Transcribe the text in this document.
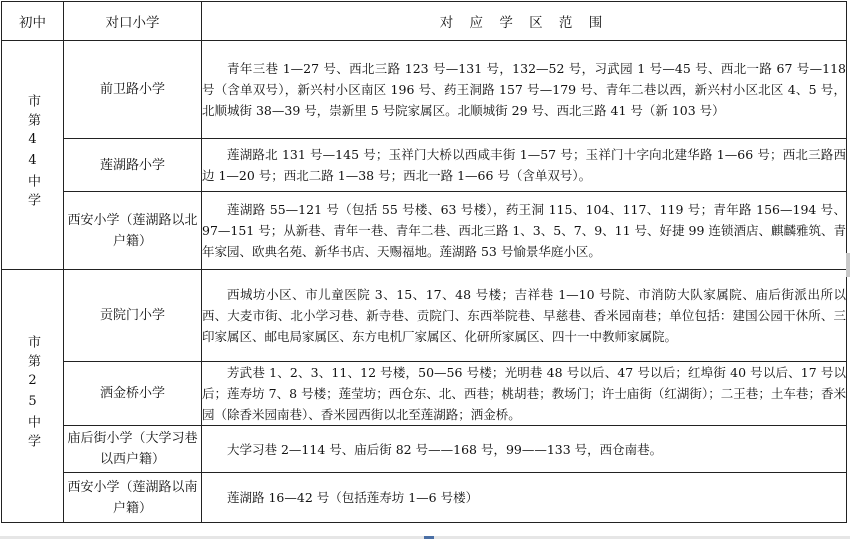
初中	对口小学	对 应 学 区 范 围
市第44中学	前卫路小学	青年三巷 1—27 号、西北三路 123 号—131 号，132—52 号，习武园 1 号—45 号、西北一路 67 号—118 号（含单双号），新兴村小区南区 196 号、药王洞路 157 号—179 号、青年二巷以西，新兴村小区北区 4、5 号，北顺城街 38—39 号，崇新里 5 号院家属区。北顺城街 29 号、西北三路 41 号（新 103 号）

	莲湖路小学	莲湖路北 131 号—145 号；玉祥门大桥以西咸丰街 1—57 号；玉祥门十字向北建华路 1—66 号；西北三路西边 1—20 号；西北二路 1—38 号；西北一路 1—66 号（含单双号）。

	西安小学（莲湖路以北户籍）	莲湖路 55—121 号（包括 55 号楼、63 号楼），药王洞 115、104、117、119 号；青年路 156—194 号、97—151 号；从新巷、青年一巷、青年二巷、西北三路 1、3、5、7、9、11 号、好捷 99 连锁酒店、麒麟雅筑、青年家园、欧典名苑、新华书店、天赐福地。莲湖路 53 号愉景华庭小区。

市第25中学	贡院门小学	西城坊小区、市儿童医院 3、15、17、48 号楼；吉祥巷 1—10 号院、市消防大队家属院、庙后街派出所以西、大麦市街、北小学习巷、新寺巷、贡院门、东西举院巷、早慈巷、香米园南巷；单位包括：建国公园干休所、三印家属区、邮电局家属区、东方电机厂家属区、化研所家属区、四十一中教师家属院。

	洒金桥小学	芳武巷 1、2、3、11、12 号楼，50—56 号楼；光明巷 48 号以后、47 号以后；红埠街 40 号以后、17 号以后；莲寿坊 7、8 号楼；莲莹坊；西仓东、北、西巷；桃胡巷；教场门；许士庙街（红湖街）；二王巷；土车巷；香米园（除香米园南巷）、香米园西街以北至莲湖路；洒金桥。

	庙后街小学（大学习巷以西户籍）	大学习巷 2—114 号、庙后街 82 号——168 号，99——133 号，西仓南巷。

	西安小学（莲湖路以南户籍）	莲湖路 16—42 号（包括莲寿坊 1—6 号楼）
